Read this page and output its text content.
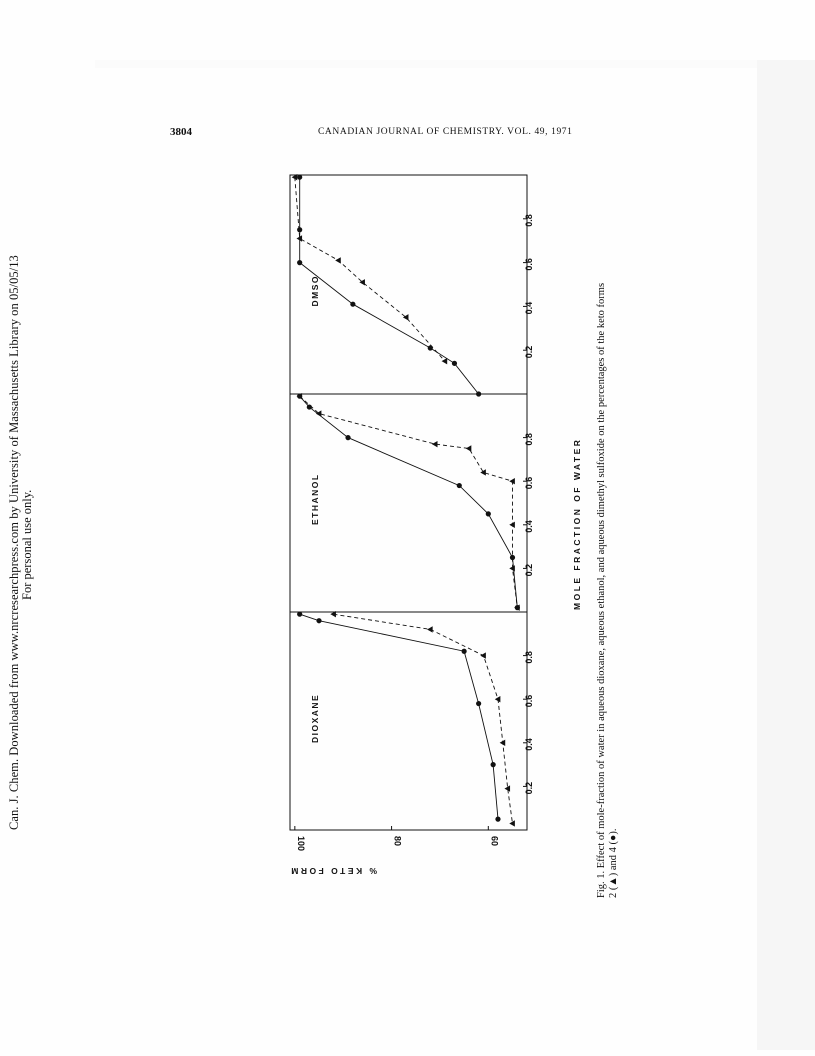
Can. J. Chem. Downloaded from www.nrcresearchpress.com by University of Massachusetts Library on 05/05/13 For personal use only.
3804	CANADIAN JOURNAL OF CHEMISTRY. VOL. 49, 1971
100	80	60
% KETO FORM
0.2
0.4
0.6
0.8
DIOXANE
0.2
0.4
0.6
0.8
ETHANOL
0.2
0.4
0.6
0.8
DMSO
MOLE FRACTION OF WATER Fig. 1. Effect of mole-fraction of water in aqueous dioxane, aqueous ethanol, and aqueous dimethyl sulfoxide on the percentages of the keto forms 2 (▲) and 4 (●).
